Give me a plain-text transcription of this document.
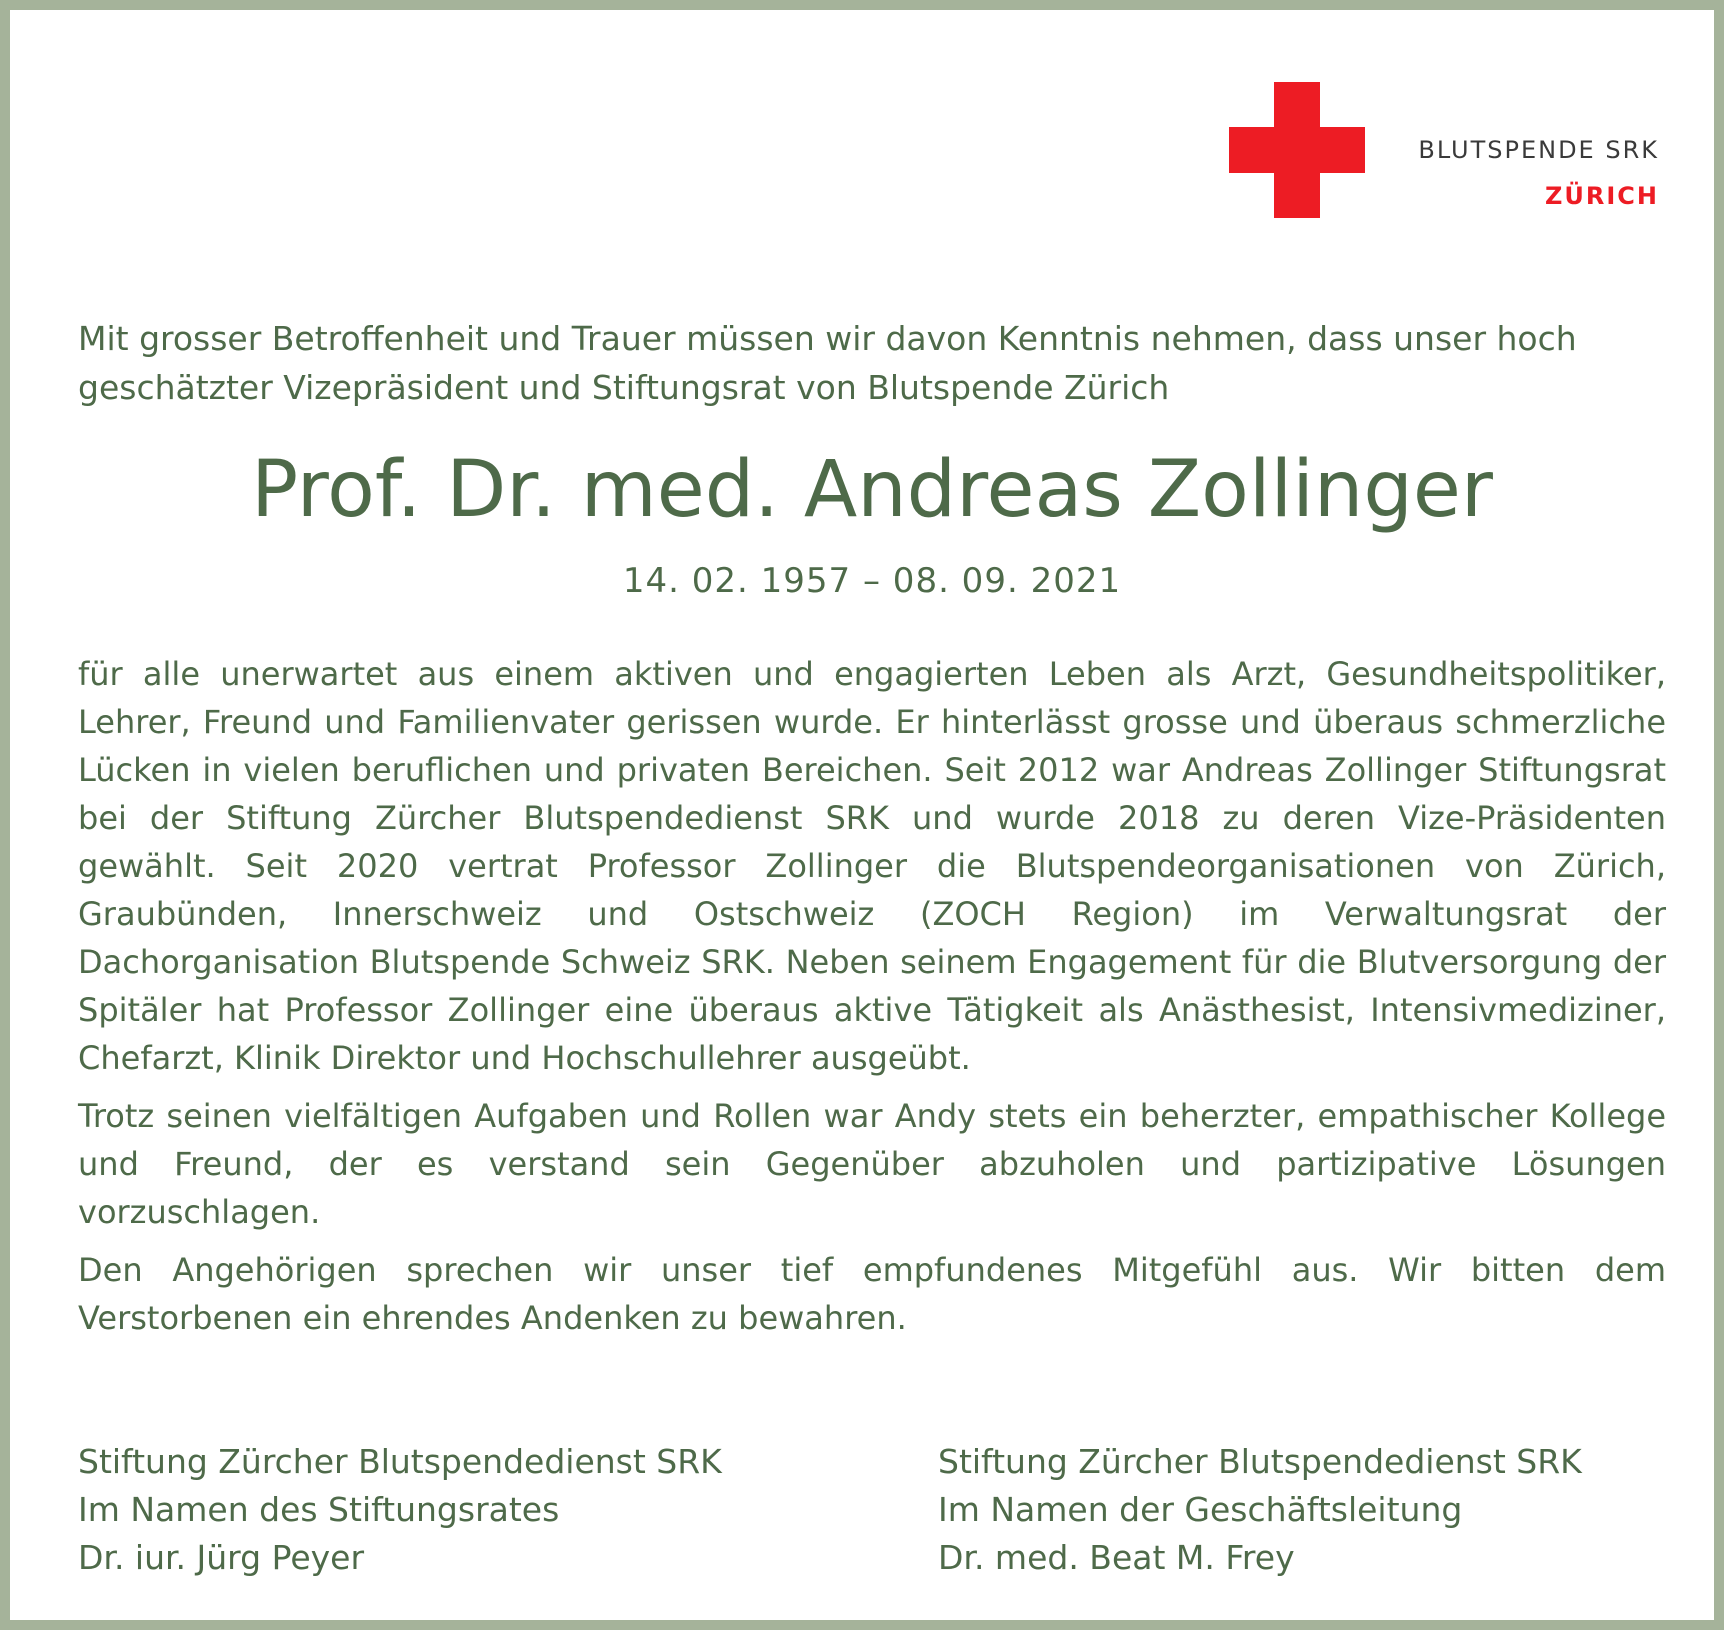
BLUTSPENDE SRK
ZÜRICH
Mit grosser Betroffenheit und Trauer müssen wir davon Kenntnis nehmen, dass unser hoch geschätzter Vizepräsident und Stiftungsrat von Blutspende Zürich
Prof. Dr. med. Andreas Zollinger
14. 02. 1957 – 08. 09. 2021

für alle unerwartet aus einem aktiven und engagierten Leben als Arzt, Gesundheitspolitiker, Lehrer, Freund und Familienvater gerissen wurde. Er hinterlässt grosse und überaus schmerzliche Lücken in vielen beruflichen und privaten Bereichen. Seit 2012 war Andreas Zollinger Stiftungsrat bei der Stiftung Zürcher Blutspendedienst SRK und wurde 2018 zu deren Vize-Präsidenten gewählt. Seit 2020 vertrat Professor Zollinger die Blutspendeorganisationen von Zürich, Graubünden, Innerschweiz und Ostschweiz (ZOCH Region) im Verwaltungsrat der Dachorganisation Blutspende Schweiz SRK. Neben seinem Engagement für die Blutversorgung der Spitäler hat Professor Zollinger eine überaus aktive Tätigkeit als Anästhesist, Intensivmediziner, Chefarzt, Klinik Direktor und Hochschullehrer ausgeübt.

Trotz seinen vielfältigen Aufgaben und Rollen war Andy stets ein beherzter, empathischer Kollege und Freund, der es verstand sein Gegenüber abzuholen und partizipative Lösungen vorzuschlagen.

Den Angehörigen sprechen wir unser tief empfundenes Mitgefühl aus. Wir bitten dem Verstorbenen ein ehrendes Andenken zu bewahren.

Stiftung Zürcher Blutspendedienst SRK
Im Namen des Stiftungsrates
Dr. iur. Jürg Peyer
Stiftung Zürcher Blutspendedienst SRK
Im Namen der Geschäftsleitung
Dr. med. Beat M. Frey
